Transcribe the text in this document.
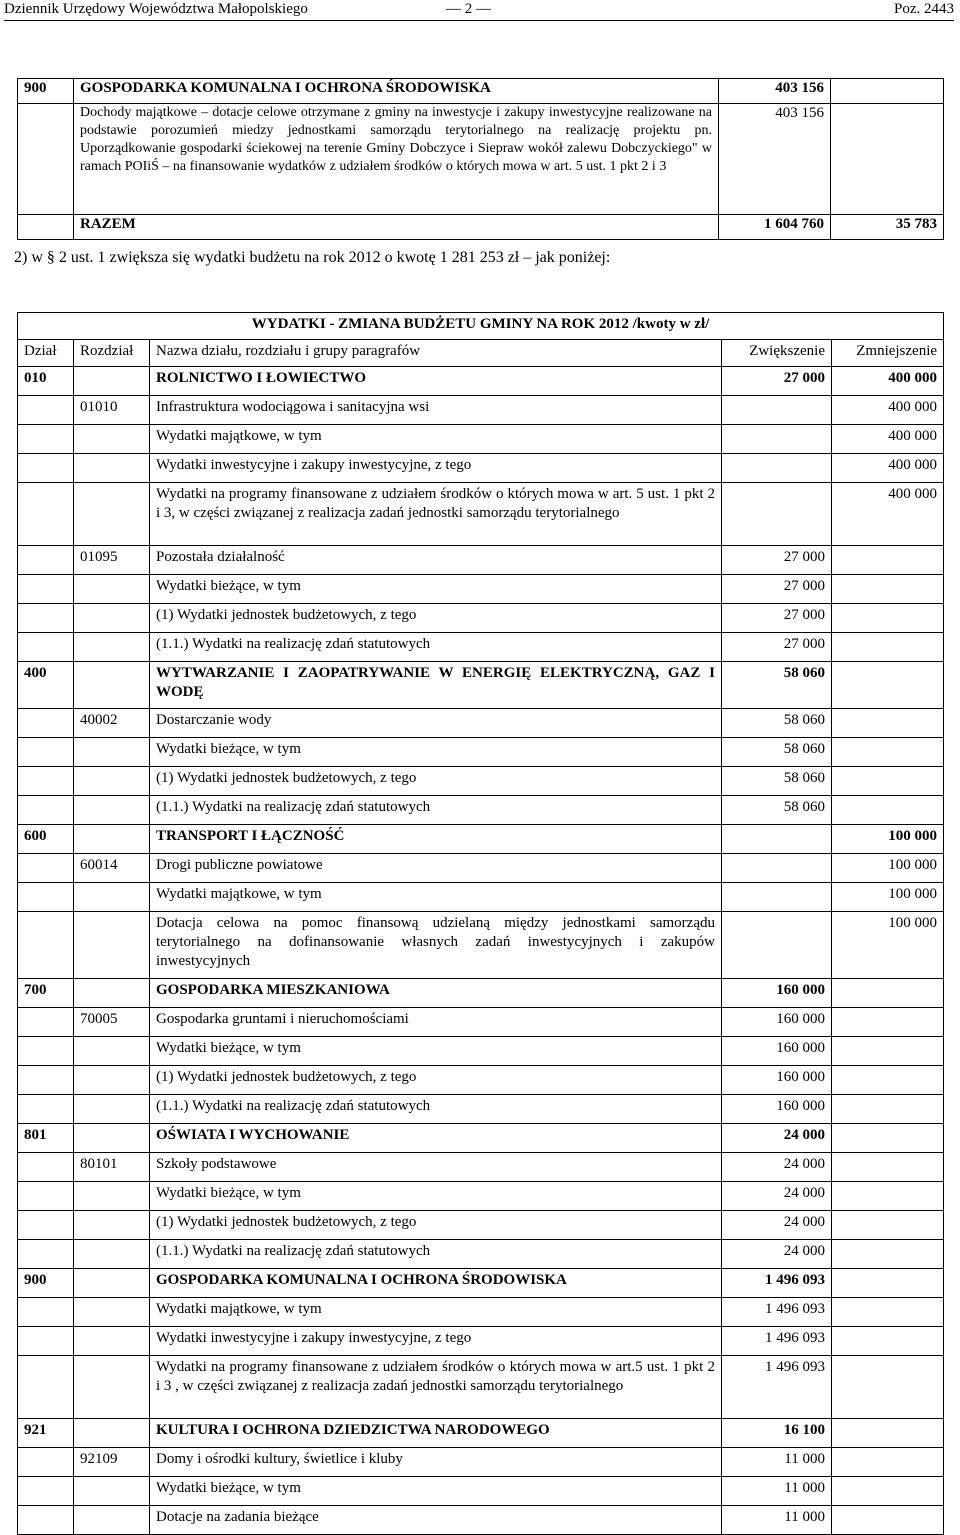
Dziennik Urzędowy Województwa Małopolskiego	— 2 —	Poz. 2443
900	GOSPODARKA KOMUNALNA I OCHRONA ŚRODOWISKA	403 156	
	Dochody majątkowe – dotacje celowe otrzymane z gminy na inwestycje i zakupy inwestycyjne realizowane na podstawie porozumień miedzy jednostkami samorządu terytorialnego na realizację projektu pn. Uporządkowanie gospodarki ściekowej na terenie Gminy Dobczyce i Siepraw wokół zalewu Dobczyckiego" w ramach POIiŚ – na finansowanie wydatków z udziałem środków o których mowa w art. 5 ust. 1 pkt 2 i 3	403 156	
	RAZEM	1 604 760	35 783
2) w § 2 ust. 1 zwiększa się wydatki budżetu na rok 2012 o kwotę 1 281 253 zł – jak poniżej:
WYDATKI - ZMIANA BUDŻETU GMINY NA ROK 2012 /kwoty w zł/				
Dział	Rozdział	Nazwa działu, rozdziału i grupy paragrafów	Zwiększenie	Zmniejszenie
010		ROLNICTWO I ŁOWIECTWO	27 000	400 000
	01010	Infrastruktura wodociągowa i sanitacyjna wsi		400 000
		Wydatki majątkowe, w tym		400 000
		Wydatki inwestycyjne i zakupy inwestycyjne, z tego		400 000
		Wydatki na programy finansowane z udziałem środków o których mowa w art. 5 ust. 1 pkt 2 i 3, w części związanej z realizacja zadań jednostki samorządu terytorialnego		400 000
	01095	Pozostała działalność	27 000	
		Wydatki bieżące, w tym	27 000	
		(1) Wydatki jednostek budżetowych, z tego	27 000	
		(1.1.) Wydatki na realizację zdań statutowych	27 000	
400		WYTWARZANIE I ZAOPATRYWANIE W ENERGIĘ ELEKTRYCZNĄ, GAZ I WODĘ	58 060	
	40002	Dostarczanie wody	58 060	
		Wydatki bieżące, w tym	58 060	
		(1) Wydatki jednostek budżetowych, z tego	58 060	
		(1.1.) Wydatki na realizację zdań statutowych	58 060	
600		TRANSPORT I ŁĄCZNOŚĆ		100 000
	60014	Drogi publiczne powiatowe		100 000
		Wydatki majątkowe, w tym		100 000
		Dotacja celowa na pomoc finansową udzielaną między jednostkami samorządu terytorialnego na dofinansowanie własnych zadań inwestycyjnych i zakupów inwestycyjnych		100 000
700		GOSPODARKA MIESZKANIOWA	160 000	
	70005	Gospodarka gruntami i nieruchomościami	160 000	
		Wydatki bieżące, w tym	160 000	
		(1) Wydatki jednostek budżetowych, z tego	160 000	
		(1.1.) Wydatki na realizację zdań statutowych	160 000	
801		OŚWIATA I WYCHOWANIE	24 000	
	80101	Szkoły podstawowe	24 000	
		Wydatki bieżące, w tym	24 000	
		(1) Wydatki jednostek budżetowych, z tego	24 000	
		(1.1.) Wydatki na realizację zdań statutowych	24 000	
900		GOSPODARKA KOMUNALNA I OCHRONA ŚRODOWISKA	1 496 093	
		Wydatki majątkowe, w tym	1 496 093	
		Wydatki inwestycyjne i zakupy inwestycyjne, z tego	1 496 093	
		Wydatki na programy finansowane z udziałem środków o których mowa w art.5 ust. 1 pkt 2 i 3 , w części związanej z realizacja zadań jednostki samorządu terytorialnego	1 496 093	
921		KULTURA I OCHRONA DZIEDZICTWA NARODOWEGO	16 100	
	92109	Domy i ośrodki kultury, świetlice i kluby	11 000	
		Wydatki bieżące, w tym	11 000	
		Dotacje na zadania bieżące	11 000	
